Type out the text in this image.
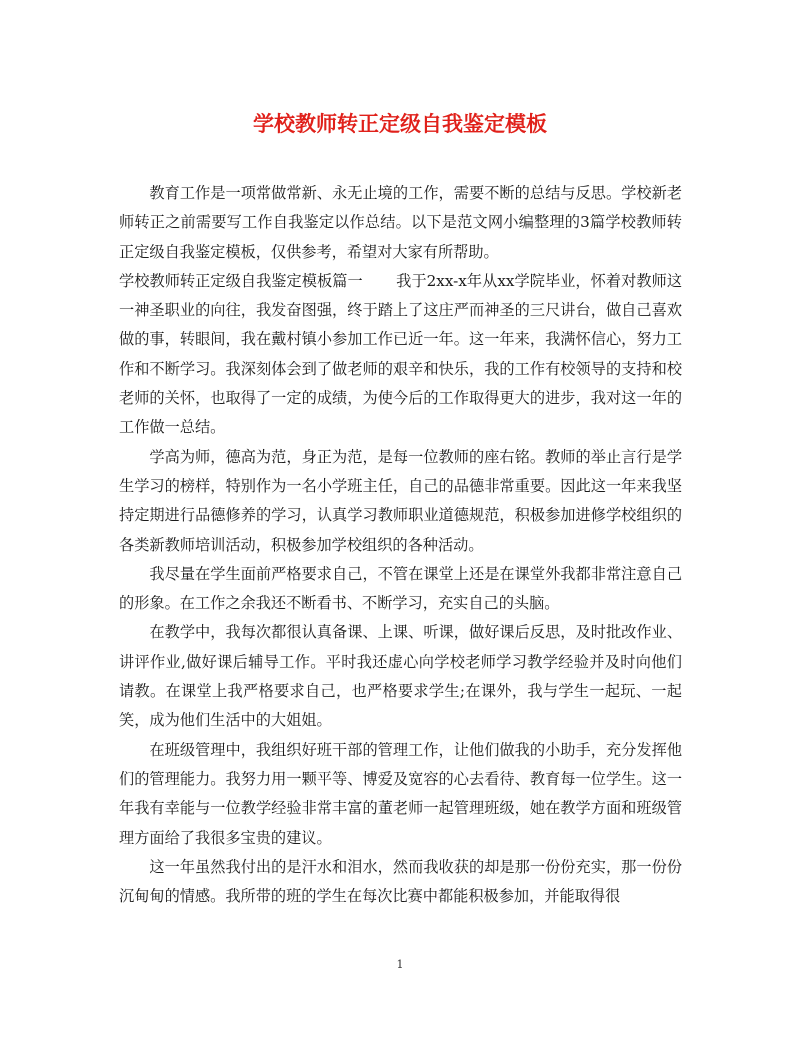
学校教师转正定级自我鉴定模板

教育工作是一项常做常新、永无止境的工作，需要不断的总结与反思。学校新老师转正之前需要写工作自我鉴定以作总结。以下是范文网小编整理的3篇学校教师转正定级自我鉴定模板，仅供参考，希望对大家有所帮助。

学校教师转正定级自我鉴定模板篇一 我于2xx-x年从xx学院毕业，怀着对教师这一神圣职业的向往，我发奋图强，终于踏上了这庄严而神圣的三尺讲台，做自己喜欢做的事，转眼间，我在戴村镇小参加工作已近一年。这一年来，我满怀信心，努力工作和不断学习。我深刻体会到了做老师的艰辛和快乐，我的工作有校领导的支持和校老师的关怀，也取得了一定的成绩，为使今后的工作取得更大的进步，我对这一年的工作做一总结。

学高为师，德高为范，身正为范，是每一位教师的座右铭。教师的举止言行是学生学习的榜样，特别作为一名小学班主任，自己的品德非常重要。因此这一年来我坚持定期进行品德修养的学习，认真学习教师职业道德规范，积极参加进修学校组织的各类新教师培训活动，积极参加学校组织的各种活动。

我尽量在学生面前严格要求自己，不管在课堂上还是在课堂外我都非常注意自己的形象。在工作之余我还不断看书、不断学习，充实自己的头脑。

在教学中，我每次都很认真备课、上课、听课，做好课后反思，及时批改作业、讲评作业,做好课后辅导工作。平时我还虚心向学校老师学习教学经验并及时向他们请教。在课堂上我严格要求自己，也严格要求学生;在课外，我与学生一起玩、一起笑，成为他们生活中的大姐姐。

在班级管理中，我组织好班干部的管理工作，让他们做我的小助手，充分发挥他们的管理能力。我努力用一颗平等、博爱及宽容的心去看待、教育每一位学生。这一年我有幸能与一位教学经验非常丰富的董老师一起管理班级，她在教学方面和班级管理方面给了我很多宝贵的建议。

这一年虽然我付出的是汗水和泪水，然而我收获的却是那一份份充实，那一份份沉甸甸的情感。我所带的班的学生在每次比赛中都能积极参加，并能取得很

1
